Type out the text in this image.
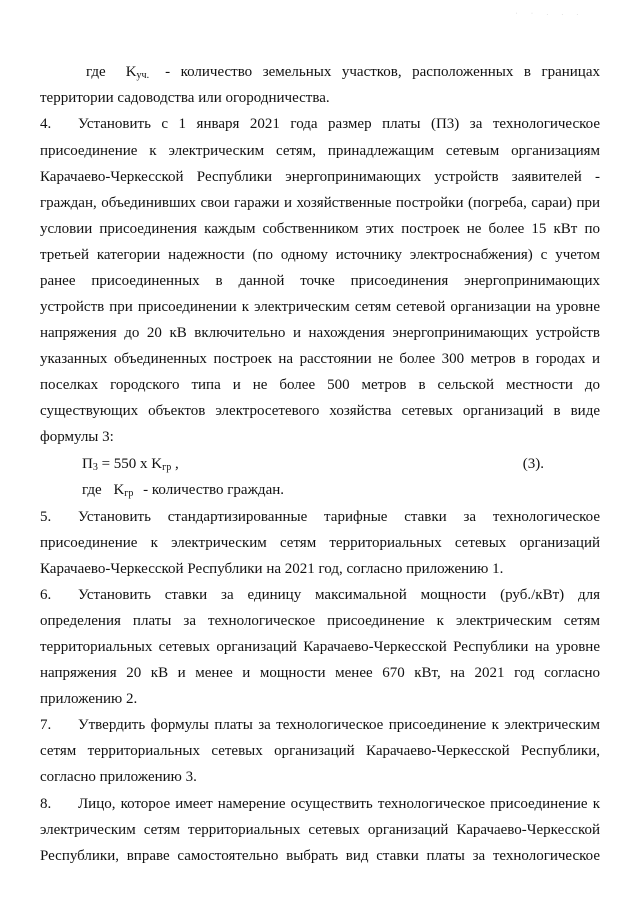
· · . . .
где $K_{уч.}$ - количество земельных участков, расположенных в границах
территории садоводства или огородничества.
4.	Установить с 1 января 2021 года размер платы (П3) за технологическое
присоединение к электрическим сетям, принадлежащим сетевым организациям
Карачаево-Черкесской Республики энергопринимающих устройств заявителей -
граждан, объединивших свои гаражи и хозяйственные постройки (погреба, сараи) при
условии присоединения каждым собственником этих построек не более 15 кВт по
третьей категории надежности (по одному источнику электроснабжения) с учетом
ранее присоединенных в данной точке присоединения энергопринимающих
устройств при присоединении к электрическим сетям сетевой организации на уровне
напряжения до 20 кВ включительно и нахождения энергопринимающих устройств
указанных объединенных построек на расстоянии не более 300 метров в городах и
поселках городского типа и не более 500 метров в сельской местности до
существующих объектов электросетевого хозяйства сетевых организаций в виде
формулы 3:
$П_3 = 550$ х $K_{гр}$ ,	(3).
где $K_{гр}$ - количество граждан.
5.	Установить стандартизированные тарифные ставки за технологическое
присоединение к электрическим сетям территориальных сетевых организаций
Карачаево-Черкесской Республики на 2021 год, согласно приложению 1.
6.	Установить ставки за единицу максимальной мощности (руб./кВт) для
определения платы за технологическое присоединение к электрическим сетям
территориальных сетевых организаций Карачаево-Черкесской Республики на уровне
напряжения 20 кВ и менее и мощности менее 670 кВт, на 2021 год согласно
приложению 2.
7.	Утвердить формулы платы за технологическое присоединение к электрическим
сетям территориальных сетевых организаций Карачаево-Черкесской Республики,
согласно приложению 3.
8.	Лицо, которое имеет намерение осуществить технологическое присоединение к
электрическим сетям территориальных сетевых организаций Карачаево-Черкесской
Республики, вправе самостоятельно выбрать вид ставки платы за технологическое
